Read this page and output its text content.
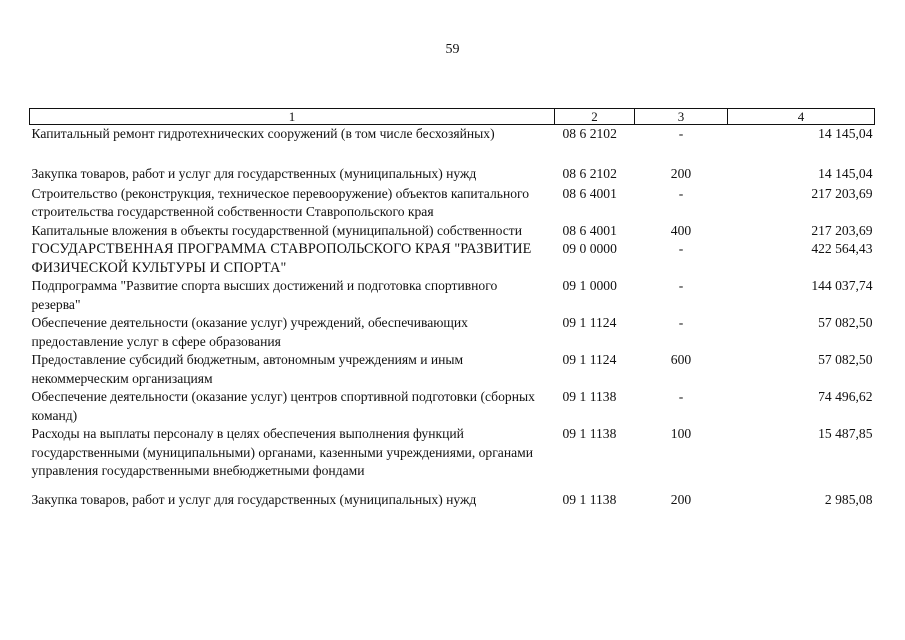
59
1	2	3	4
Капитальный ремонт гидротехнических сооружений (в том числе бесхозяйных)	08 6 2102	-	14 145,04
Закупка товаров, работ и услуг для государственных (муниципальных) нужд	08 6 2102	200	14 145,04
Строительство (реконструкция, техническое перевооружение) объектов капитального строительства государственной собственности Ставропольского края	08 6 4001	-	217 203,69
Капитальные вложения в объекты государственной (муниципальной) собственности	08 6 4001	400	217 203,69
ГОСУДАРСТВЕННАЯ ПРОГРАММА СТАВРОПОЛЬСКОГО КРАЯ "РАЗВИТИЕ ФИЗИЧЕСКОЙ КУЛЬТУРЫ И СПОРТА"	09 0 0000	-	422 564,43
Подпрограмма "Развитие спорта высших достижений и подготовка спортивного резерва"	09 1 0000	-	144 037,74
Обеспечение деятельности (оказание услуг) учреждений, обеспечивающих предоставление услуг в сфере образования	09 1 1124	-	57 082,50
Предоставление субсидий бюджетным, автономным учреждениям и иным некоммерческим организациям	09 1 1124	600	57 082,50
Обеспечение деятельности (оказание услуг) центров спортивной подготовки (сборных команд)	09 1 1138	-	74 496,62
Расходы на выплаты персоналу в целях обеспечения выполнения функций государственными (муниципальными) органами, казенными учреждениями, органами управления государственными внебюджетными фондами	09 1 1138	100	15 487,85
Закупка товаров, работ и услуг для государственных (муниципальных) нужд	09 1 1138	200	2 985,08
